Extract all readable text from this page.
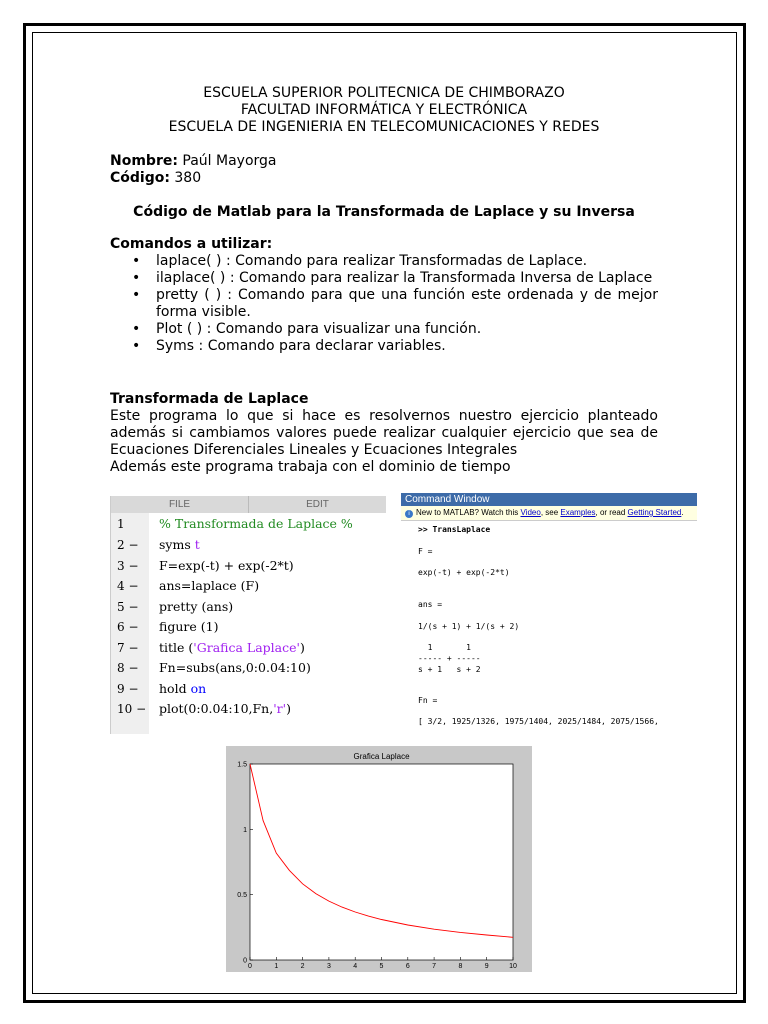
ESCUELA SUPERIOR POLITECNICA DE CHIMBORAZO
FACULTAD INFORMÁTICA Y ELECTRÓNICA
ESCUELA DE INGENIERIA EN TELECOMUNICACIONES Y REDES
Nombre: Paúl Mayorga
Código: 380
Código de Matlab para la Transformada de Laplace y su Inversa
Comandos a utilizar:
• laplace( ) : Comando para realizar Transformadas de Laplace.
• ilaplace( ) : Comando para realizar la Transformada Inversa de Laplace
• pretty ( ) : Comando para que una función este ordenada y de mejor forma visible.
• Plot ( ) : Comando para visualizar una función.
• Syms : Comando para declarar variables.
Transformada de Laplace
Este programa lo que si hace es resolvernos nuestro ejercicio planteado
además si cambiamos valores puede realizar cualquier ejercicio que sea de
Ecuaciones Diferenciales Lineales y Ecuaciones Integrales
Además este programa trabaja con el dominio de tiempo
FILE	EDIT
1	% Transformada de Laplace %
2 −	syms t
3 −	F=exp(-t) + exp(-2*t)
4 −	ans=laplace (F)
5 −	pretty (ans)
6 −	figure (1)
7 −	title ('Grafica Laplace')
8 −	Fn=subs(ans,0:0.04:10)
9 −	hold on
10 − plot(0:0.04:10,Fn,'r')
Command Window
i New to MATLAB? Watch this Video, see Examples, or read Getting Started.
>> TransLaplace
F =
exp(-t) + exp(-2*t)
ans =
1/(s + 1) + 1/(s + 2)
1       1
----- + -----
s + 1   s + 2
Fn =
[ 3/2, 1925/1326, 1975/1404, 2025/1484, 2075/1566,
Grafica Laplace
0	1	2	3	4	5	6	7	8	9	10
0
0.5
1
1.5
